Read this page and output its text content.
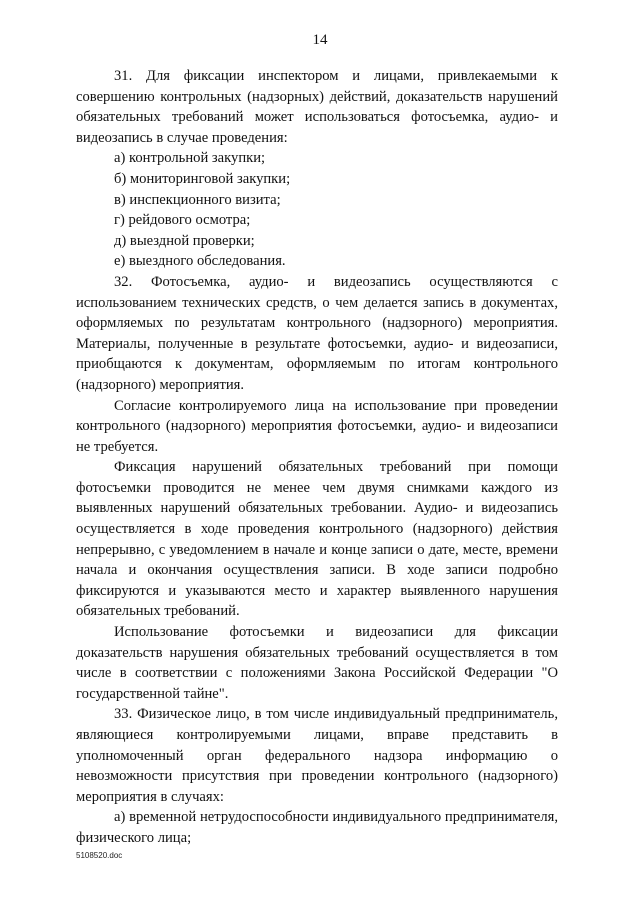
14

31. Для фиксации инспектором и лицами, привлекаемыми к совершению контрольных (надзорных) действий, доказательств нарушений обязательных требований может использоваться фотосъемка, аудио- и видеозапись в случае проведения:

а) контрольной закупки;

б) мониторинговой закупки;

в) инспекционного визита;

г) рейдового осмотра;

д) выездной проверки;

е) выездного обследования.

32. Фотосъемка, аудио- и видеозапись осуществляются с использованием технических средств, о чем делается запись в документах, оформляемых по результатам контрольного (надзорного) мероприятия. Материалы, полученные в результате фотосъемки, аудио- и видеозаписи, приобщаются к документам, оформляемым по итогам контрольного (надзорного) мероприятия.

Согласие контролируемого лица на использование при проведении контрольного (надзорного) мероприятия фотосъемки, аудио- и видеозаписи не требуется.

Фиксация нарушений обязательных требований при помощи фотосъемки проводится не менее чем двумя снимками каждого из выявленных нарушений обязательных требовании. Аудио- и видеозапись осуществляется в ходе проведения контрольного (надзорного) действия непрерывно, с уведомлением в начале и конце записи о дате, месте, времени начала и окончания осуществления записи. В ходе записи подробно фиксируются и указываются место и характер выявленного нарушения обязательных требований.

Использование фотосъемки и видеозаписи для фиксации доказательств нарушения обязательных требований осуществляется в том числе в соответствии с положениями Закона Российской Федерации "О государственной тайне".

33. Физическое лицо, в том числе индивидуальный предприниматель, являющиеся контролируемыми лицами, вправе представить в уполномоченный орган федерального надзора информацию о невозможности присутствия при проведении контрольного (надзорного) мероприятия в случаях:

а) временной нетрудоспособности индивидуального предпринимателя, физического лица;

5108520.doc
